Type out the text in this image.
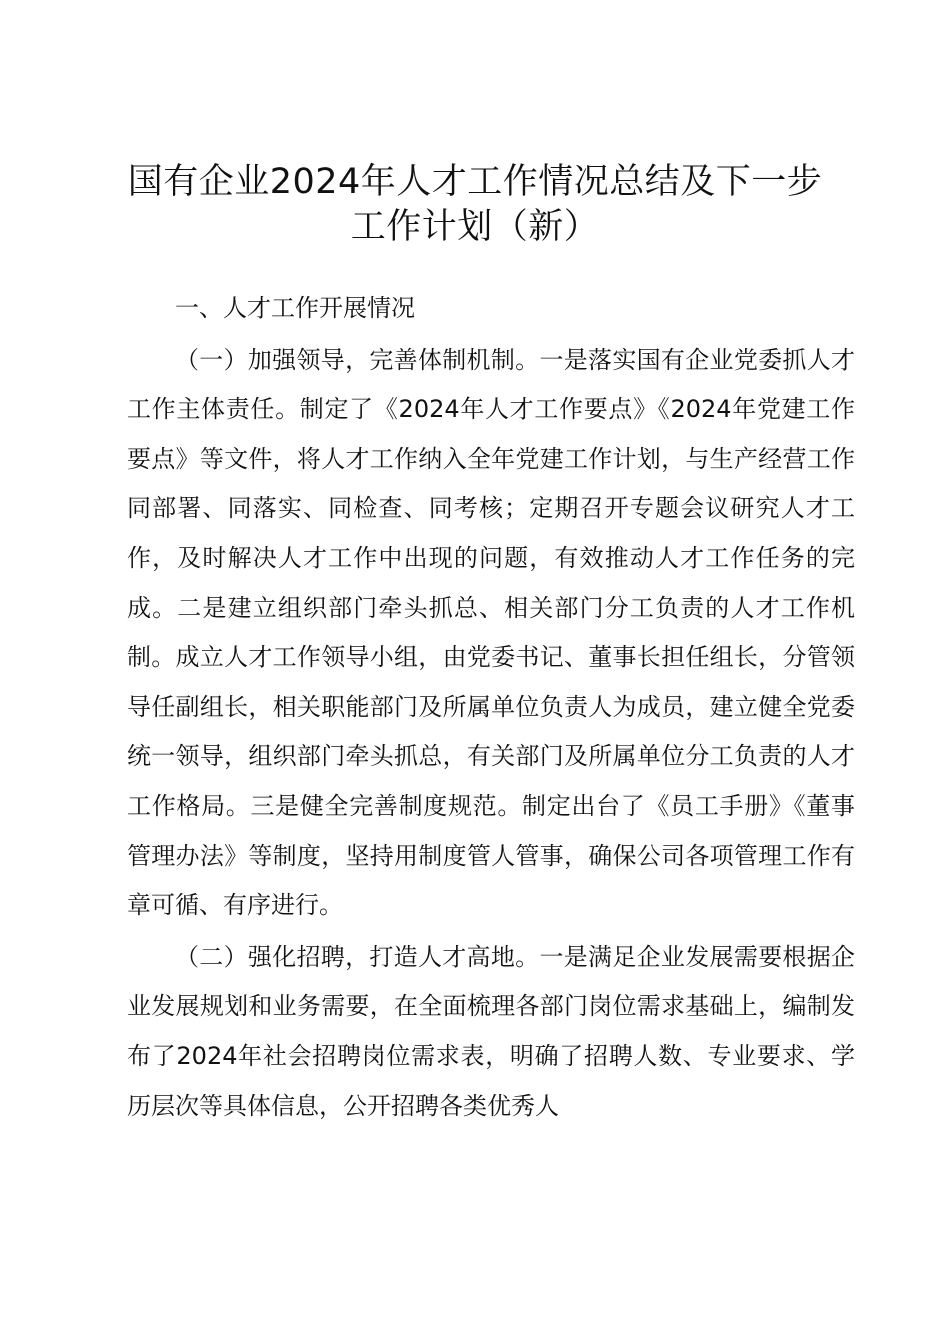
国有企业2024年人才工作情况总结及下一步
工作计划（新）

一、人才工作开展情况

（一）加强领导，完善体制机制。一是落实国有企业党委抓人才工作主体责任。制定了《2024年人才工作要点》《2024年党建工作要点》等文件，将人才工作纳入全年党建工作计划，与生产经营工作同部署、同落实、同检查、同考核；定期召开专题会议研究人才工作，及时解决人才工作中出现的问题，有效推动人才工作任务的完成。二是建立组织部门牵头抓总、相关部门分工负责的人才工作机制。成立人才工作领导小组，由党委书记、董事长担任组长，分管领导任副组长，相关职能部门及所属单位负责人为成员，建立健全党委统一领导，组织部门牵头抓总，有关部门及所属单位分工负责的人才工作格局。三是健全完善制度规范。制定出台了《员工手册》《董事管理办法》等制度，坚持用制度管人管事，确保公司各项管理工作有章可循、有序进行。

（二）强化招聘，打造人才高地。一是满足企业发展需要根据企业发展规划和业务需要，在全面梳理各部门岗位需求基础上，编制发布了2024年社会招聘岗位需求表，明确了招聘人数、专业要求、学历层次等具体信息，公开招聘各类优秀人
